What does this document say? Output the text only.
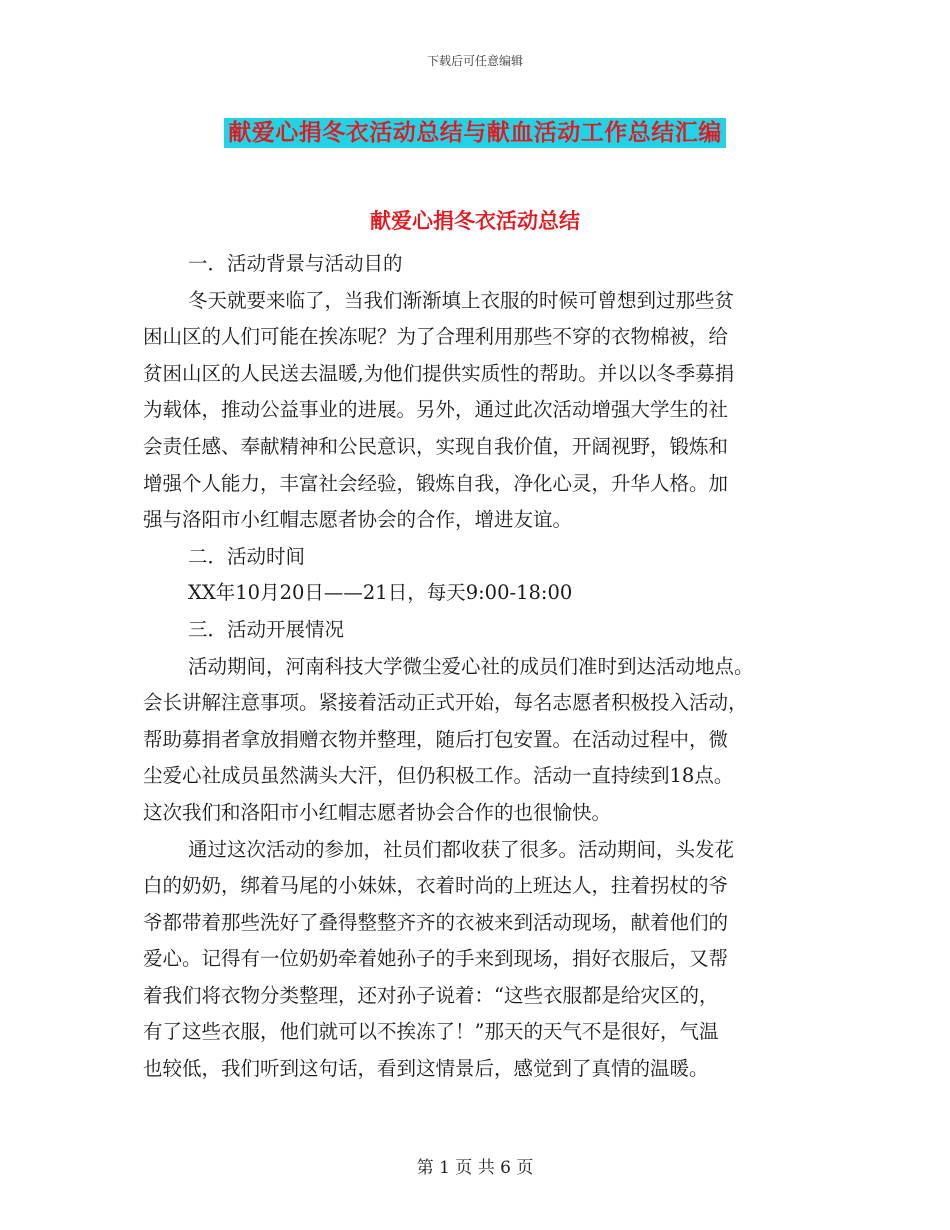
下载后可任意编辑
献爱心捐冬衣活动总结与献血活动工作总结汇编
献爱心捐冬衣活动总结
一．活动背景与活动目的
冬天就要来临了，当我们渐渐填上衣服的时候可曾想到过那些贫
困山区的人们可能在挨冻呢？为了合理利用那些不穿的衣物棉被，给
贫困山区的人民送去温暖,为他们提供实质性的帮助。并以以冬季募捐
为载体，推动公益事业的进展。另外，通过此次活动增强大学生的社
会责任感、奉献精神和公民意识，实现自我价值，开阔视野，锻炼和
增强个人能力，丰富社会经验，锻炼自我，净化心灵，升华人格。加
强与洛阳市小红帽志愿者协会的合作，增进友谊。
二．活动时间
XX年10月20日——21日，每天9:00-18:00
三．活动开展情况
活动期间，河南科技大学微尘爱心社的成员们准时到达活动地点。
会长讲解注意事项。紧接着活动正式开始，每名志愿者积极投入活动，
帮助募捐者拿放捐赠衣物并整理，随后打包安置。在活动过程中，微
尘爱心社成员虽然满头大汗，但仍积极工作。活动一直持续到18点。
这次我们和洛阳市小红帽志愿者协会合作的也很愉快。
通过这次活动的参加，社员们都收获了很多。活动期间，头发花
白的奶奶，绑着马尾的小妹妹，衣着时尚的上班达人，拄着拐杖的爷
爷都带着那些洗好了叠得整整齐齐的衣被来到活动现场，献着他们的
爱心。记得有一位奶奶牵着她孙子的手来到现场，捐好衣服后，又帮
着我们将衣物分类整理，还对孙子说着：“这些衣服都是给灾区的，
有了这些衣服，他们就可以不挨冻了！”那天的天气不是很好，气温
也较低，我们听到这句话，看到这情景后，感觉到了真情的温暖。
第 1 页 共 6 页
